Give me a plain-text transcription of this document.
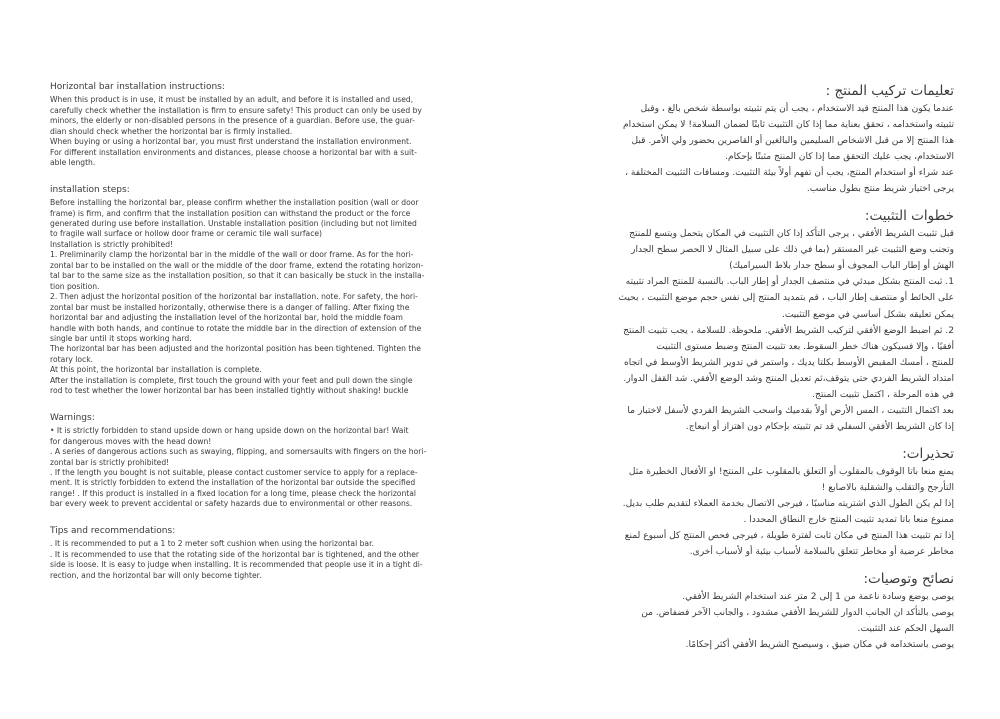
Horizontal bar installation instructions:

When this product is in use, it must be installed by an adult, and before it is installed and used,

carefully check whether the installation is firm to ensure safety! This product can only be used by

minors, the elderly or non-disabled persons in the presence of a guardian. Before use, the guar-

dian should check whether the horizontal bar is firmly installed.

When buying or using a horizontal bar, you must first understand the installation environment.

For different installation environments and distances, please choose a horizontal bar with a suit-

able length.

installation steps:

Before installing the horizontal bar, please confirm whether the installation position (wall or door

frame) is firm, and confirm that the installation position can withstand the product or the force

generated during use before installation. Unstable installation position (including but not limited

to fragile wall surface or hollow door frame or ceramic tile wall surface)

Installation is strictly prohibited!

1. Preliminarily clamp the horizontal bar in the middle of the wall or door frame. As for the hori-

zontal bar to be installed on the wall or the middle of the door frame, extend the rotating horizon-

tal bar to the same size as the installation position, so that it can basically be stuck in the installa-

tion position.

2. Then adjust the horizontal position of the horizontal bar installation. note. For safety, the hori-

zontal bar must be installed horizontally, otherwise there is a danger of falling. After fixing the

horizontal bar and adjusting the installation level of the horizontal bar, hold the middle foam

handle with both hands, and continue to rotate the middle bar in the direction of extension of the

single bar until it stops working hard.

The horizontal bar has been adjusted and the horizontal position has been tightened. Tighten the

rotary lock.

At this point, the horizontal bar installation is complete.

After the installation is complete, first touch the ground with your feet and pull down the single

rod to test whether the lower horizontal bar has been installed tightly without shaking! buckle

Warnings:

• It is strictly forbidden to stand upside down or hang upside down on the horizontal bar! Wait

for dangerous moves with the head down!

. A series of dangerous actions such as swaying, flipping, and somersaults with fingers on the hori-

zontal bar is strictly prohibited!

. If the length you bought is not suitable, please contact customer service to apply for a replace-

ment. It is strictly forbidden to extend the installation of the horizontal bar outside the specified

range! . If this product is installed in a fixed location for a long time, please check the horizontal

bar every week to prevent accidental or safety hazards due to environmental or other reasons.

Tips and recommendations:

. It is recommended to put a 1 to 2 meter soft cushion when using the horizontal bar.

. It is recommended to use that the rotating side of the horizontal bar is tightened, and the other

side is loose. It is easy to judge when installing. It is recommended that people use it in a tight di-

rection, and the horizontal bar will only become tighter.

تعليمات تركيب المنتج :

عندما يكون هذا المنتج قيد الاستخدام ، يجب أن يتم تثبيته بواسطة شخص بالغ ، وقبل

تثبيته واستخدامه ، تحقق بعناية مما إذا كان التثبيت ثابتًا لضمان السلامة! لا يمكن استخدام

هذا المنتج إلا من قبل الاشخاص السليمين والبالغين أو القاصرين بحضور ولي الأمر. قبل

الاستخدام، يجب عليك التحقق مما إذا كان المنتج مثبتًا بإحكام.

عند شراء أو استخدام المنتج، يجب أن تفهم أولاً بيئة التثبيت. ومسافات التثبيت المختلفة ،

يرجى اختيار شريط منتج بطول مناسب.

خطوات التثبيت:

قبل تثبيت الشريط الأفقي ، يرجى التأكد إذا كان التثبيت في المكان يتحمل ويتسع للمنتج

وتجنب وضع التثبيت غير المستقر (بما في ذلك على سبيل المثال لا الحصر سطح الجدار

الهش أو إطار الباب المجوف أو سطح جدار بلاط السيراميك)

1. ثبت المنتج بشكل مبدئي في منتصف الجدار أو إطار الباب. بالنسبة للمنتج المراد تثبيته

على الحائط أو منتصف إطار الباب ، قم بتمديد المنتج إلى نفس حجم موضع التثبيت ، بحيث

يمكن تعليقه بشكل أساسي في موضع التثبيت.

2. ثم اضبط الوضع الأفقي لتركيب الشريط الأفقي. ملحوظة. للسلامة ، يجب تثبيت المنتج

أفقيًا ، وإلا فسيكون هناك خطر السقوط. بعد تثبيت المنتج وضبط مستوى التثبيت

للمنتج ، أمسك المقبض الأوسط بكلتا يديك ، واستمر في تدوير الشريط الأوسط في اتجاه

امتداد الشريط الفردي حتى يتوقف،ثم تعديل المنتج وشد الوضع الأفقي. شد القفل الدوار.

في هذه المرحلة ، اكتمل تثبيت المنتج.

بعد اكتمال التثبيت ، المس الأرض أولاً بقدميك واسحب الشريط الفردي لأسفل لاختبار ما

إذا كان الشريط الأفقي السفلي قد تم تثبيته بإحكام دون اهتزاز أو انبعاج.

تحذيرات:

يمنع منعا باتا الوقوف بالمقلوب أو التعلق بالمقلوب على المنتج! او الأفعال الخطيرة مثل

التأرجح والتقلب والشقلبة بالاصابع !

إذا لم يكن الطول الذي اشتريته مناسبًا ، فيرجى الاتصال بخدمة العملاء لتقديم طلب بديل.

ممنوع منعا باتا تمديد تثبيت المنتج خارج النطاق المحددا .

إذا تم تثبيت هذا المنتج في مكان ثابت لفترة طويلة ، فيرجى فحص المنتج كل أسبوع لمنع

مخاطر عرضية أو مخاطر تتعلق بالسلامة لأسباب بيئية أو لأسباب أخرى.

نصائح وتوصيات:

يوصى بوضع وسادة ناعمة من 1 إلى 2 متر عند استخدام الشريط الأفقي.

يوصى بالتأكد ان الجانب الدوار للشريط الأفقي مشدود ، والجانب الآخر فضفاض. من

السهل الحكم عند التثبيت.

يوصى باستخدامه في مكان ضيق ، وسيصبح الشريط الأفقي أكثر إحكامًا.
